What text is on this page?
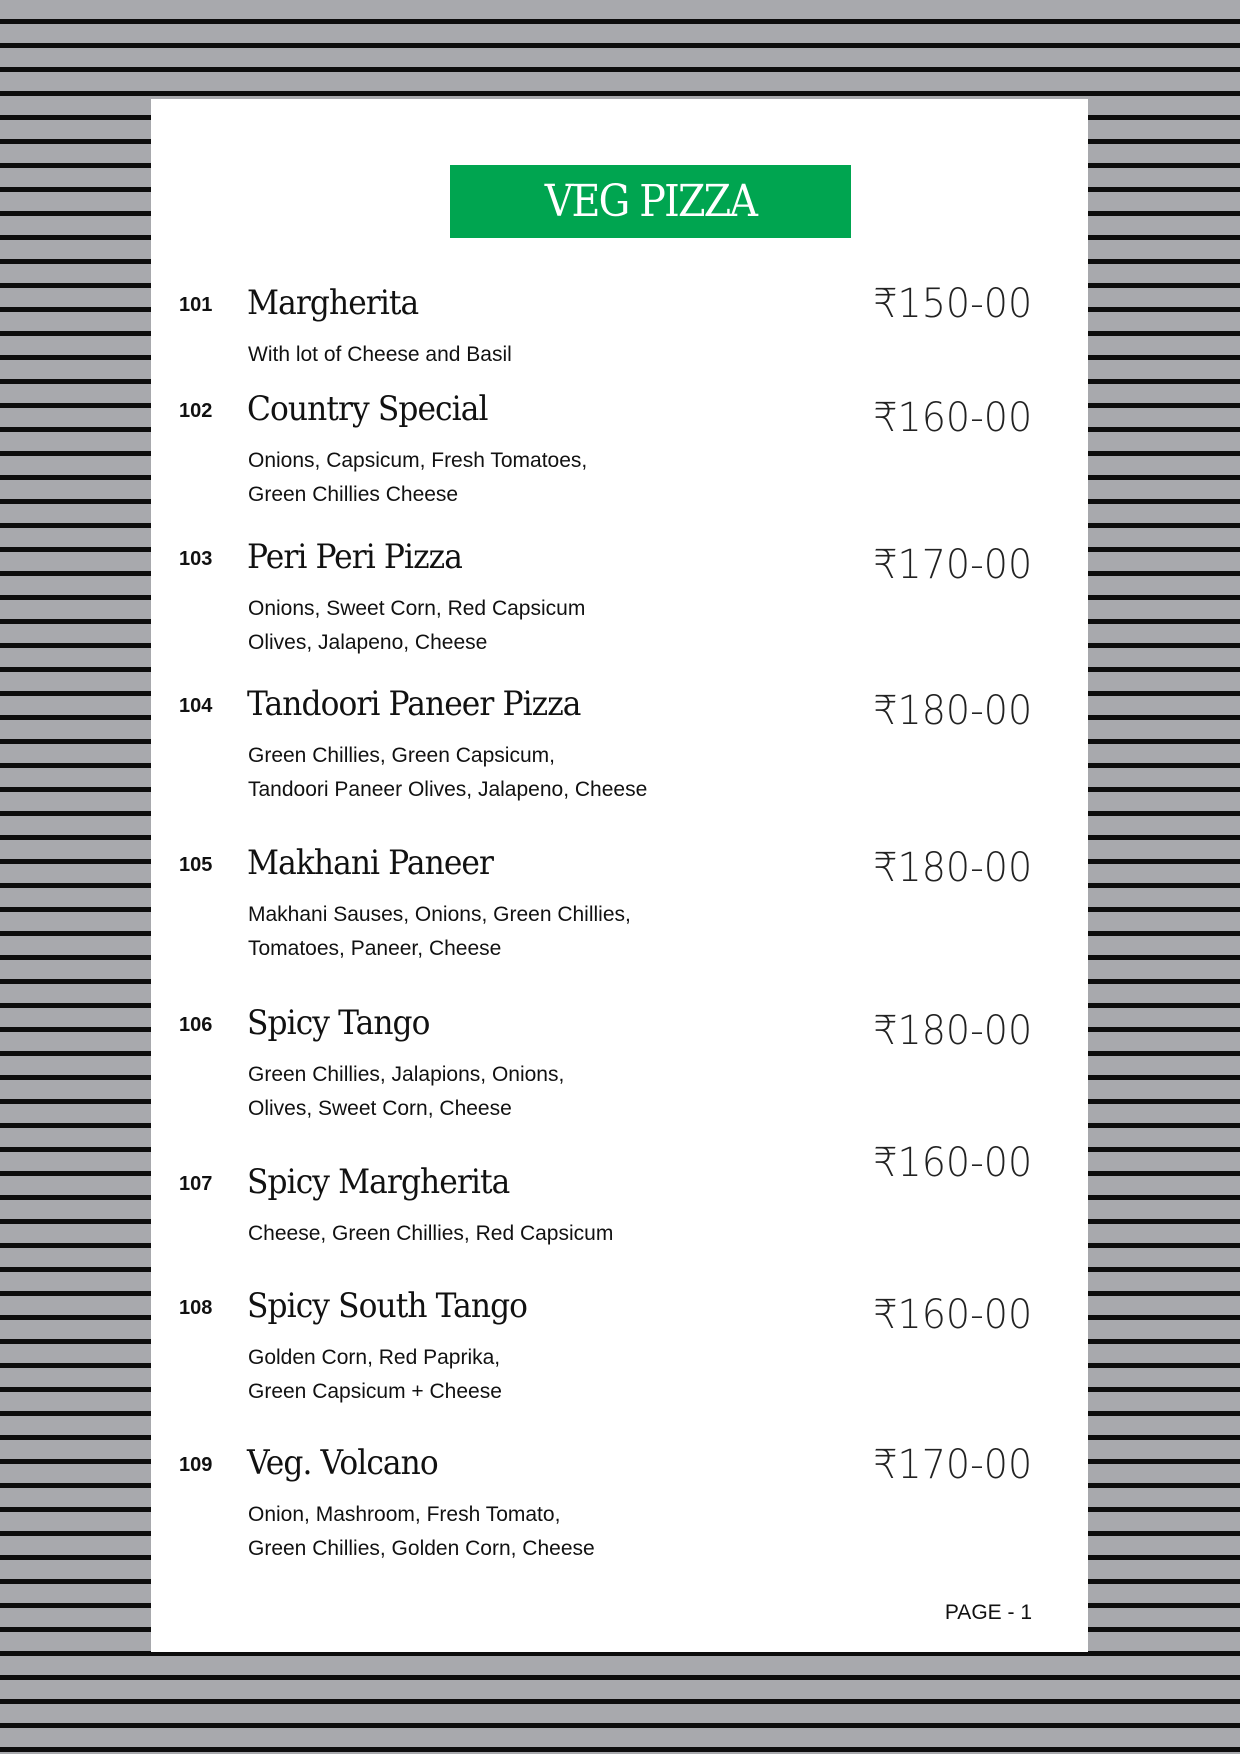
VEG PIZZA
101 Margherita	₹150-00
With lot of Cheese and Basil
102 Country Special	₹160-00
Onions, Capsicum, Fresh Tomatoes,
Green Chillies Cheese
103 Peri Peri Pizza	₹170-00
Onions, Sweet Corn, Red Capsicum
Olives, Jalapeno, Cheese
104 Tandoori Paneer Pizza	₹180-00
Green Chillies, Green Capsicum,
Tandoori Paneer Olives, Jalapeno, Cheese
105 Makhani Paneer	₹180-00
Makhani Sauses, Onions, Green Chillies,
Tomatoes, Paneer, Cheese
106 Spicy Tango	₹180-00
Green Chillies, Jalapions, Onions,
Olives, Sweet Corn, Cheese
107 Spicy Margherita	₹160-00
Cheese, Green Chillies, Red Capsicum
108 Spicy South Tango	₹160-00
Golden Corn, Red Paprika,
Green Capsicum + Cheese
109 Veg. Volcano	₹170-00
Onion, Mashroom, Fresh Tomato,
Green Chillies, Golden Corn, Cheese
PAGE - 1
